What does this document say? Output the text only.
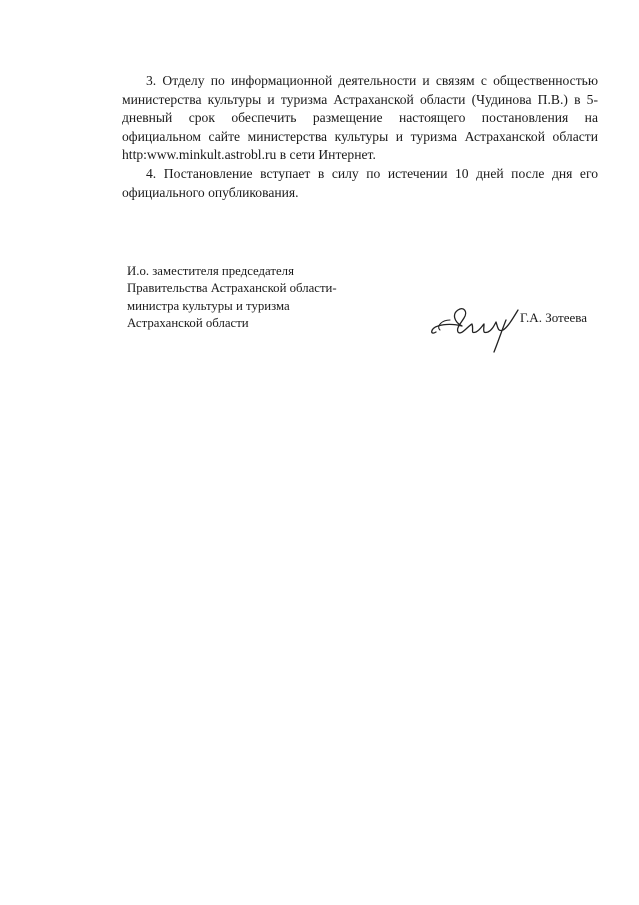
3. Отделу по информационной деятельности и связям с общественностью министерства культуры и туризма Астраханской области (Чудинова П.В.) в 5-дневный срок обеспечить размещение настоящего постановления на официальном сайте министерства культуры и туризма Астраханской области http:www.minkult.astrobl.ru в сети Интернет.

4. Постановление вступает в силу по истечении 10 дней после дня его официального опубликования.

И.о. заместителя председателя
Правительства Астраханской области-
министра культуры и туризма
Астраханской области	Г.А. Зотеева
